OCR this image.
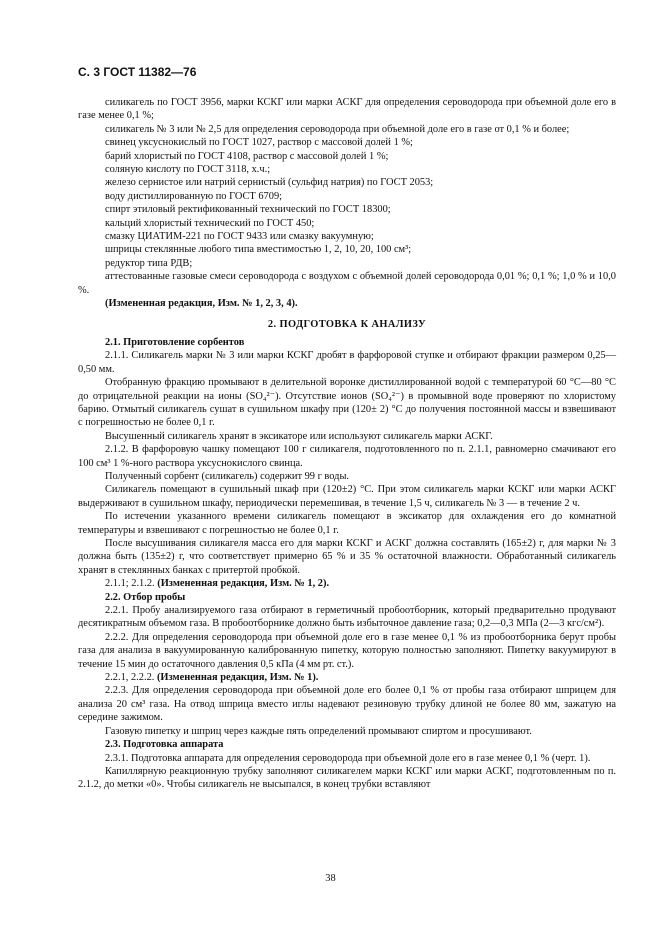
С. 3 ГОСТ 11382—76

силикагель по ГОСТ 3956, марки КСКГ или марки АСКГ для определения сероводорода при объемной доле его в газе менее 0,1 %;

силикагель № 3 или № 2,5 для определения сероводорода при объемной доле его в газе от 0,1 % и более;

свинец уксуснокислый по ГОСТ 1027, раствор с массовой долей 1 %;

барий хлористый по ГОСТ 4108, раствор с массовой долей 1 %;

соляную кислоту по ГОСТ 3118, х.ч.;

железо сернистое или натрий сернистый (сульфид натрия) по ГОСТ 2053;

воду дистиллированную по ГОСТ 6709;

спирт этиловый ректификованный технический по ГОСТ 18300;

кальций хлористый технический по ГОСТ 450;

смазку ЦИАТИМ-221 по ГОСТ 9433 или смазку вакуумную;

шприцы стеклянные любого типа вместимостью 1, 2, 10, 20, 100 см³;

редуктор типа РДВ;

аттестованные газовые смеси сероводорода с воздухом с объемной долей сероводорода 0,01 %; 0,1 %; 1,0 % и 10,0 %.

(Измененная редакция, Изм. № 1, 2, 3, 4).

2. ПОДГОТОВКА К АНАЛИЗУ

2.1. Приготовление сорбентов

2.1.1. Силикагель марки № 3 или марки КСКГ дробят в фарфоровой ступке и отбирают фракции размером 0,25—0,50 мм.

Отобранную фракцию промывают в делительной воронке дистиллированной водой с температурой 60 °С—80 °С до отрицательной реакции на ионы (SO₄²⁻). Отсутствие ионов (SO₄²⁻) в промывной воде проверяют по хлористому барию. Отмытый силикагель сушат в сушильном шкафу при (120± 2) °С до получения постоянной массы и взвешивают с погрешностью не более 0,1 г.

Высушенный силикагель хранят в эксикаторе или используют силикагель марки АСКГ.

2.1.2. В фарфоровую чашку помещают 100 г силикагеля, подготовленного по п. 2.1.1, равномерно смачивают его 100 см³ 1 %-ного раствора уксуснокислого свинца.

Полученный сорбент (силикагель) содержит 99 г воды.

Силикагель помещают в сушильный шкаф при (120±2) °С. При этом силикагель марки КСКГ или марки АСКГ выдерживают в сушильном шкафу, периодически перемешивая, в течение 1,5 ч, силикагель № 3 — в течение 2 ч.

По истечении указанного времени силикагель помещают в эксикатор для охлаждения его до комнатной температуры и взвешивают с погрешностью не более 0,1 г.

После высушивания силикагеля масса его для марки КСКГ и АСКГ должна составлять (165±2) г, для марки № 3 должна быть (135±2) г, что соответствует примерно 65 % и 35 % остаточной влажности. Обработанный силикагель хранят в стеклянных банках с притертой пробкой.

2.1.1; 2.1.2. (Измененная редакция, Изм. № 1, 2).

2.2. Отбор пробы

2.2.1. Пробу анализируемого газа отбирают в герметичный пробоотборник, который предварительно продувают десятикратным объемом газа. В пробоотборнике должно быть избыточное давление газа; 0,2—0,3 МПа (2—3 кгс/см²).

2.2.2. Для определения сероводорода при объемной доле его в газе менее 0,1 % из пробоотборника берут пробы газа для анализа в вакуумированную калиброванную пипетку, которую полностью заполняют. Пипетку вакуумируют в течение 15 мин до остаточного давления 0,5 кПа (4 мм рт. ст.).

2.2.1, 2.2.2. (Измененная редакция, Изм. № 1).

2.2.3. Для определения сероводорода при объемной доле его более 0,1 % от пробы газа отбирают шприцем для анализа 20 см³ газа. На отвод шприца вместо иглы надевают резиновую трубку длиной не более 80 мм, зажатую на середине зажимом.

Газовую пипетку и шприц через каждые пять определений промывают спиртом и просушивают.

2.3. Подготовка аппарата

2.3.1. Подготовка аппарата для определения сероводорода при объемной доле его в газе менее 0,1 % (черт. 1).

Капиллярную реакционную трубку заполняют силикагелем марки КСКГ или марки АСКГ, подготовленным по п. 2.1.2, до метки «0». Чтобы силикагель не высыпался, в конец трубки вставляют

38
